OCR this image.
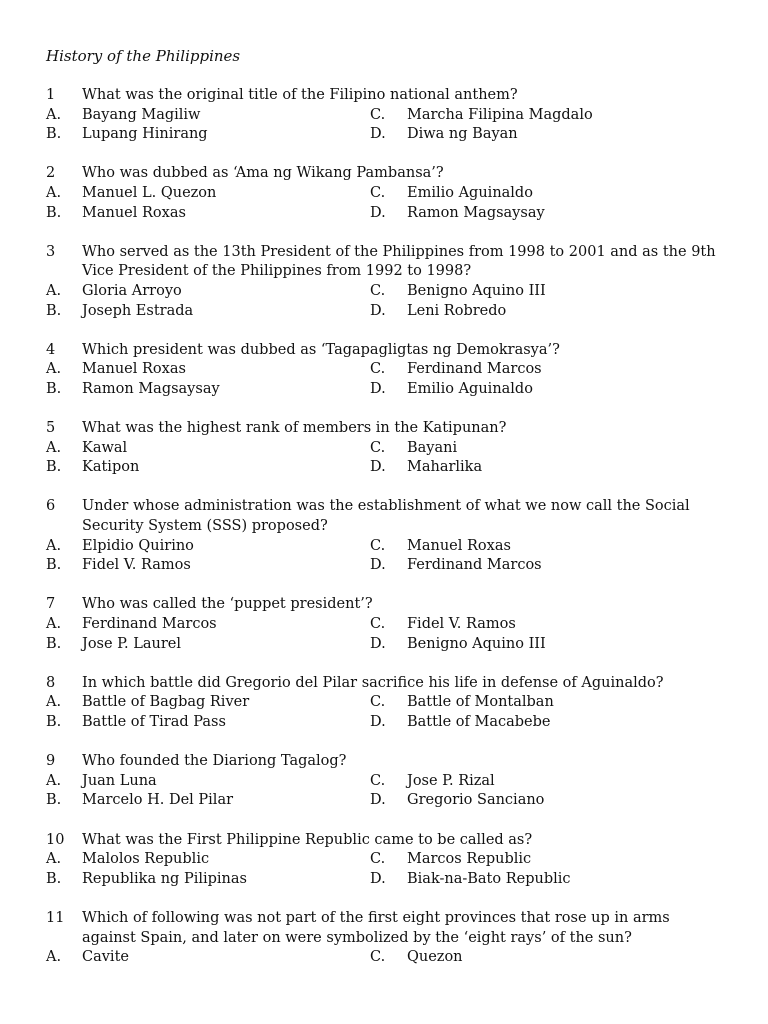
History of the Philippines
1 What was the original title of the Filipino national anthem?
A. Bayang Magiliw	C. Marcha Filipina Magdalo
B. Lupang Hinirang	D. Diwa ng Bayan
2 Who was dubbed as ‘Ama ng Wikang Pambansa’?
A. Manuel L. Quezon	C. Emilio Aguinaldo
B. Manuel Roxas	D. Ramon Magsaysay
3 Who served as the 13th President of the Philippines from 1998 to 2001 and as the 9th Vice President of the Philippines from 1992 to 1998?
A. Gloria Arroyo	C. Benigno Aquino III
B. Joseph Estrada	D. Leni Robredo
4 Which president was dubbed as ‘Tagapagligtas ng Demokrasya’?
A. Manuel Roxas	C. Ferdinand Marcos
B. Ramon Magsaysay	D. Emilio Aguinaldo
5 What was the highest rank of members in the Katipunan?
A. Kawal	C. Bayani
B. Katipon	D. Maharlika
6 Under whose administration was the establishment of what we now call the Social Security System (SSS) proposed?
A. Elpidio Quirino	C. Manuel Roxas
B. Fidel V. Ramos	D. Ferdinand Marcos
7 Who was called the ‘puppet president’?
A. Ferdinand Marcos	C. Fidel V. Ramos
B. Jose P. Laurel	D. Benigno Aquino III
8 In which battle did Gregorio del Pilar sacrifice his life in defense of Aguinaldo?
A. Battle of Bagbag River	C. Battle of Montalban
B. Battle of Tirad Pass	D. Battle of Macabebe
9 Who founded the Diariong Tagalog?
A. Juan Luna	C. Jose P. Rizal
B. Marcelo H. Del Pilar	D. Gregorio Sanciano
10 What was the First Philippine Republic came to be called as?
A. Malolos Republic	C. Marcos Republic
B. Republika ng Pilipinas	D. Biak-na-Bato Republic
11 Which of following was not part of the first eight provinces that rose up in arms against Spain, and later on were symbolized by the ‘eight rays’ of the sun?
A. Cavite	C. Quezon
